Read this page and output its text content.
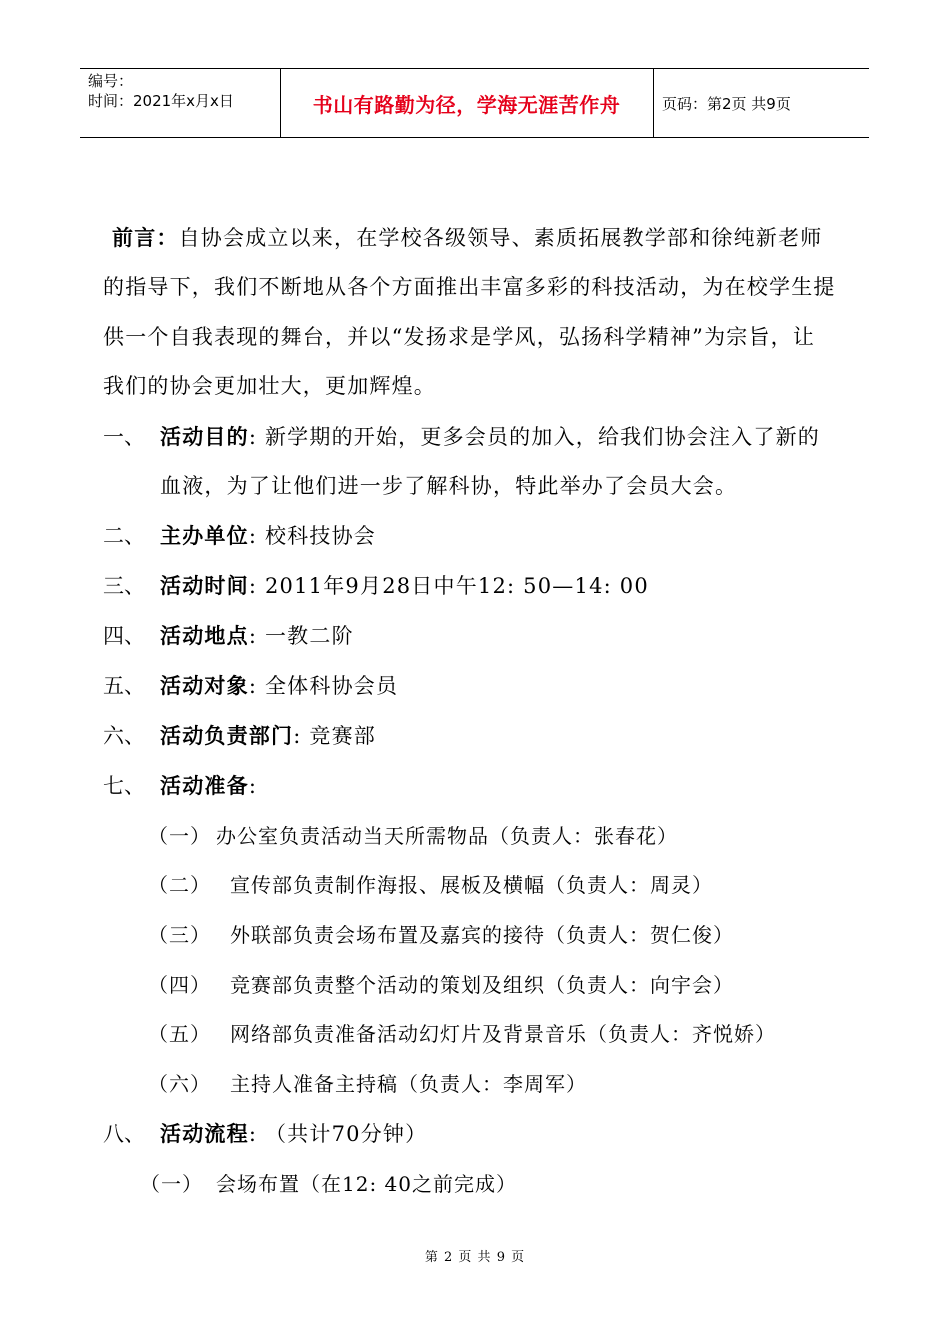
编号：
时间：2021年x月x日	书山有路勤为径，学海无涯苦作舟	页码：第2页 共9页
前言：自协会成立以来，在学校各级领导、素质拓展教学部和徐纯新老师
的指导下，我们不断地从各个方面推出丰富多彩的科技活动，为在校学生提
供一个自我表现的舞台，并以“发扬求是学风，弘扬科学精神”为宗旨，让
我们的协会更加壮大，更加辉煌。
一、 活动目的: 新学期的开始，更多会员的加入，给我们协会注入了新的
血液，为了让他们进一步了解科协，特此举办了会员大会。
二、 主办单位: 校科技协会
三、 活动时间: 2011年9月28日中午12: 50—14: 00
四、 活动地点: 一教二阶
五、 活动对象: 全体科协会员
六、 活动负责部门: 竞赛部
七、 活动准备:
（一） 办公室负责活动当天所需物品（负责人：张春花）
（二） 宣传部负责制作海报、展板及横幅（负责人：周灵）
（三） 外联部负责会场布置及嘉宾的接待（负责人：贺仁俊）
（四） 竞赛部负责整个活动的策划及组织（负责人：向宇会）
（五） 网络部负责准备活动幻灯片及背景音乐（负责人：齐悦娇）
（六） 主持人准备主持稿（负责人：李周军）
八、 活动流程: （共计70分钟）
（一） 会场布置（在12: 40之前完成）
第 2 页 共 9 页
